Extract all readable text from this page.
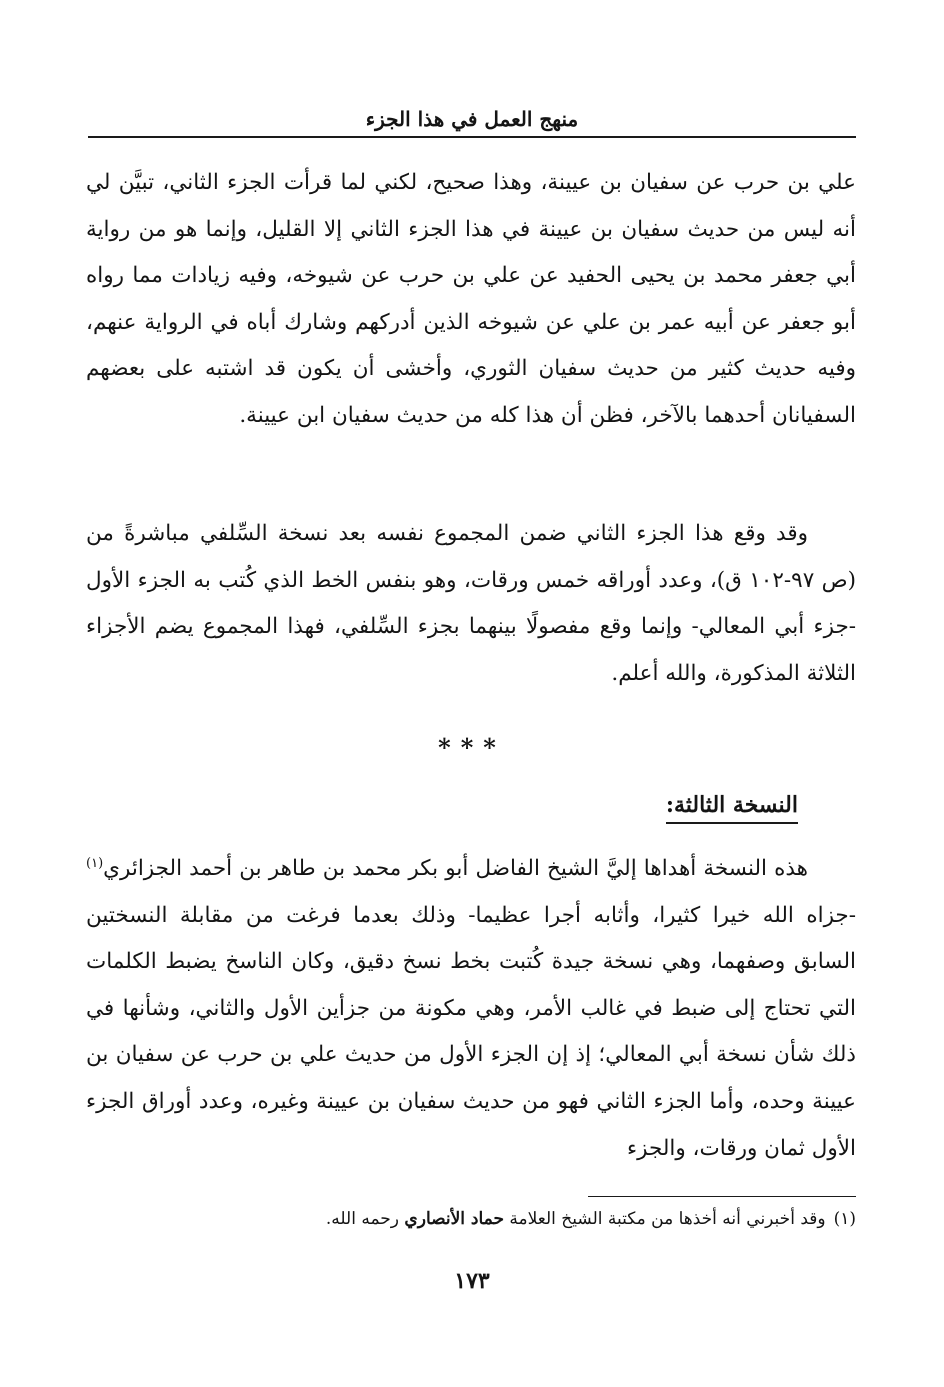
منهج العمل في هذا الجزء

علي بن حرب عن سفيان بن عيينة، وهذا صحيح، لكني لما قرأت الجزء الثاني، تبيَّن لي أنه ليس من حديث سفيان بن عيينة في هذا الجزء الثاني إلا القليل، وإنما هو من رواية أبي جعفر محمد بن يحيى الحفيد عن علي بن حرب عن شيوخه، وفيه زيادات مما رواه أبو جعفر عن أبيه عمر بن علي عن شيوخه الذين أدركهم وشارك أباه في الرواية عنهم، وفيه حديث كثير من حديث سفيان الثوري، وأخشى أن يكون قد اشتبه على بعضهم السفيانان أحدهما بالآخر، فظن أن هذا كله من حديث سفيان ابن عيينة.

وقد وقع هذا الجزء الثاني ضمن المجموع نفسه بعد نسخة السِّلفي مباشرةً من (ص ٩٧-١٠٢ ق)، وعدد أوراقه خمس ورقات، وهو بنفس الخط الذي كُتب به الجزء الأول -جزء أبي المعالي- وإنما وقع مفصولًا بينهما بجزء السِّلفي، فهذا المجموع يضم الأجزاء الثلاثة المذكورة، والله أعلم.

***
النسخة الثالثة:

هذه النسخة أهداها إليَّ الشيخ الفاضل أبو بكر محمد بن طاهر بن أحمد الجزائري$^{(١)}$ -جزاه الله خيرا كثيرا، وأثابه أجرا عظيما- وذلك بعدما فرغت من مقابلة النسختين السابق وصفهما، وهي نسخة جيدة كُتبت بخط نسخ دقيق، وكان الناسخ يضبط الكلمات التي تحتاج إلى ضبط في غالب الأمر، وهي مكونة من جزأين الأول والثاني، وشأنها في ذلك شأن نسخة أبي المعالي؛ إذ إن الجزء الأول من حديث علي بن حرب عن سفيان بن عيينة وحده، وأما الجزء الثاني فهو من حديث سفيان بن عيينة وغيره، وعدد أوراق الجزء الأول ثمان ورقات، والجزء

(١)وقد أخبرني أنه أخذها من مكتبة الشيخ العلامة حماد الأنصاري رحمه الله.

١٧٣
